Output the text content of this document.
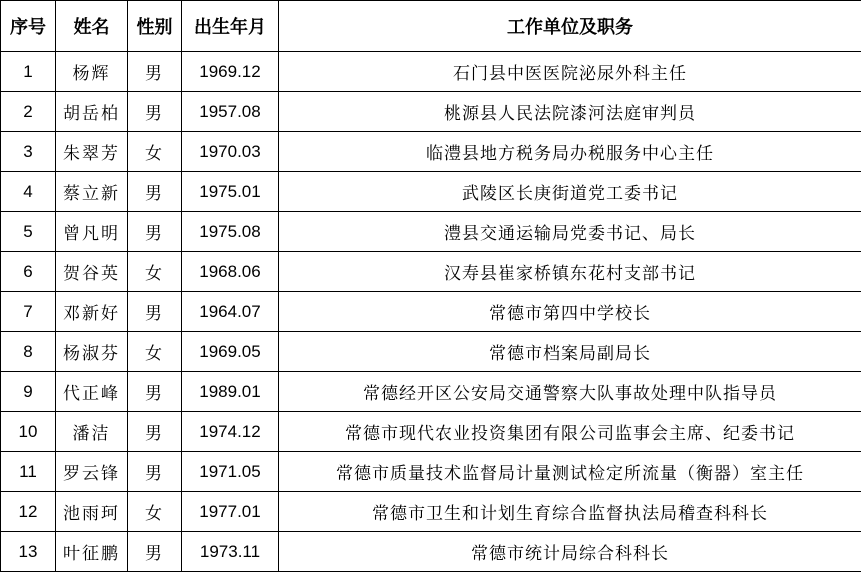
序号	姓名	性别	出生年月	工作单位及职务
1	杨辉	男	1969.12	石门县中医医院泌尿外科主任
2	胡岳柏	男	1957.08	桃源县人民法院漆河法庭审判员
3	朱翠芳	女	1970.03	临澧县地方税务局办税服务中心主任
4	蔡立新	男	1975.01	武陵区长庚街道党工委书记
5	曾凡明	男	1975.08	澧县交通运输局党委书记、局长
6	贺谷英	女	1968.06	汉寿县崔家桥镇东花村支部书记
7	邓新好	男	1964.07	常德市第四中学校长
8	杨淑芬	女	1969.05	常德市档案局副局长
9	代正峰	男	1989.01	常德经开区公安局交通警察大队事故处理中队指导员
10	潘洁	男	1974.12	常德市现代农业投资集团有限公司监事会主席、纪委书记
11	罗云锋	男	1971.05	常德市质量技术监督局计量测试检定所流量（衡器）室主任
12	池雨珂	女	1977.01	常德市卫生和计划生育综合监督执法局稽查科科长
13	叶征鹏	男	1973.11	常德市统计局综合科科长
